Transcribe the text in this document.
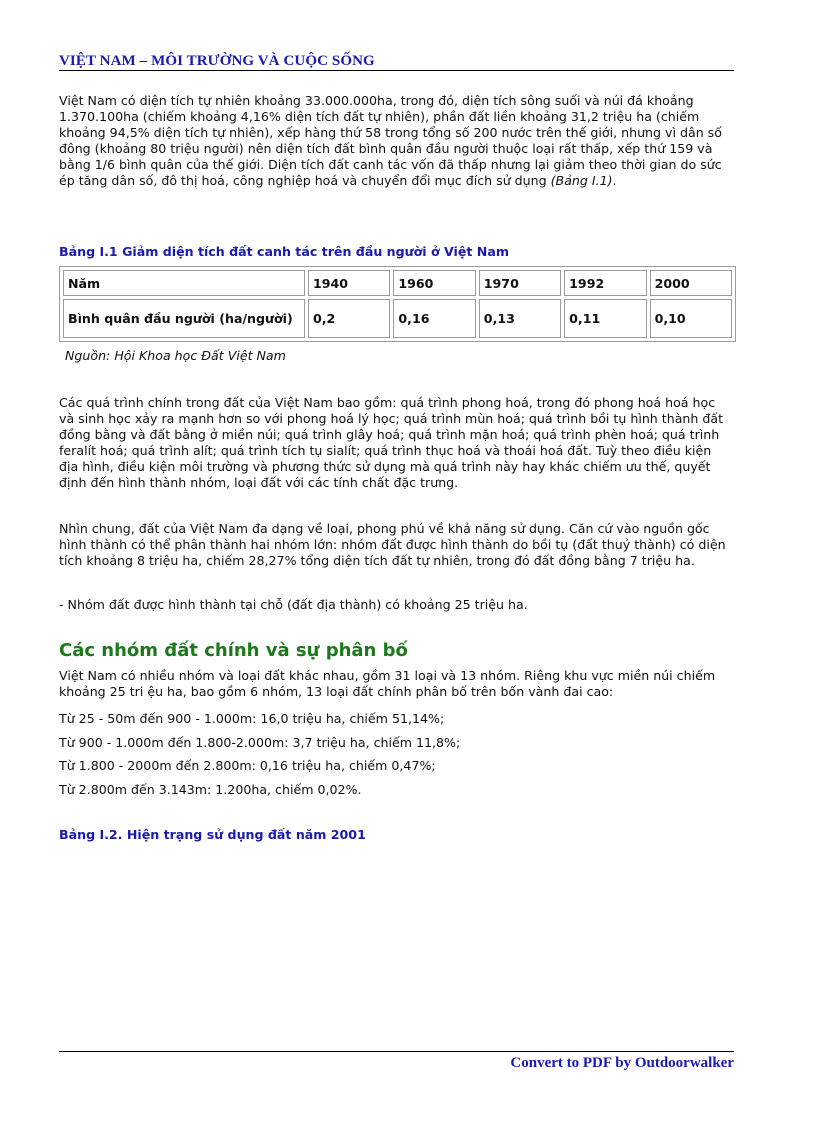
VIỆT NAM – MÔI TRƯỜNG VÀ CUỘC SỐNG

Việt Nam có diện tích tự nhiên khoảng 33.000.000ha, trong đó, diện tích sông suối và núi đá khoảng 1.370.100ha (chiếm khoảng 4,16% diện tích đất tự nhiên), phần đất liền khoảng 31,2 triệu ha (chiếm khoảng 94,5% diện tích tự nhiên), xếp hàng thứ 58 trong tổng số 200 nước trên thế giới, nhưng vì dân số đông (khoảng 80 triệu người) nên diện tích đất bình quân đầu người thuộc loại rất thấp, xếp thứ 159 và bằng 1/6 bình quân của thế giới. Diện tích đất canh tác vốn đã thấp nhưng lại giảm theo thời gian do sức ép tăng dân số, đô thị hoá, công nghiệp hoá và chuyển đổi mục đích sử dụng (Bảng I.1).

Bảng I.1 Giảm diện tích đất canh tác trên đầu người ở Việt Nam
Năm	1940	1960	1970	1992	2000
Bình quân đầu người (ha/người)	0,2	0,16	0,13	0,11	0,10
Nguồn: Hội Khoa học Đất Việt Nam

Các quá trình chính trong đất của Việt Nam bao gồm: quá trình phong hoá, trong đó phong hoá hoá học và sinh học xảy ra mạnh hơn so với phong hoá lý học; quá trình mùn hoá; quá trình bồi tụ hình thành đất đồng bằng và đất bằng ở miền núi; quá trình glây hoá; quá trình mặn hoá; quá trình phèn hoá; quá trình feralít hoá; quá trình alít; quá trình tích tụ sialít; quá trình thục hoá và thoái hoá đất. Tuỳ theo điều kiện địa hình, điều kiện môi trường và phương thức sử dụng mà quá trình này hay khác chiếm ưu thế, quyết định đến hình thành nhóm, loại đất với các tính chất đặc trưng.

Nhìn chung, đất của Việt Nam đa dạng về loại, phong phú về khả năng sử dụng. Căn cứ vào nguồn gốc hình thành có thể phân thành hai nhóm lớn: nhóm đất được hình thành do bồi tụ (đất thuỷ thành) có diện tích khoảng 8 triệu ha, chiếm 28,27% tổng diện tích đất tự nhiên, trong đó đất đồng bằng 7 triệu ha.

- Nhóm đất được hình thành tại chỗ (đất địa thành) có khoảng 25 triệu ha.

Các nhóm đất chính và sự phân bố

Việt Nam có nhiều nhóm và loại đất khác nhau, gồm 31 loại và 13 nhóm. Riêng khu vực miền núi chiếm khoảng 25 tri ệu ha, bao gồm 6 nhóm, 13 loại đất chính phân bố trên bốn vành đai cao:

Từ 25 - 50m đến 900 - 1.000m: 16,0 triệu ha, chiếm 51,14%;

Từ 900 - 1.000m đến 1.800-2.000m: 3,7 triệu ha, chiếm 11,8%;

Từ 1.800 - 2000m đến 2.800m: 0,16 triệu ha, chiếm 0,47%;

Từ 2.800m đến 3.143m: 1.200ha, chiếm 0,02%.

Bảng I.2. Hiện trạng sử dụng đất năm 2001
Convert to PDF by Outdoorwalker
